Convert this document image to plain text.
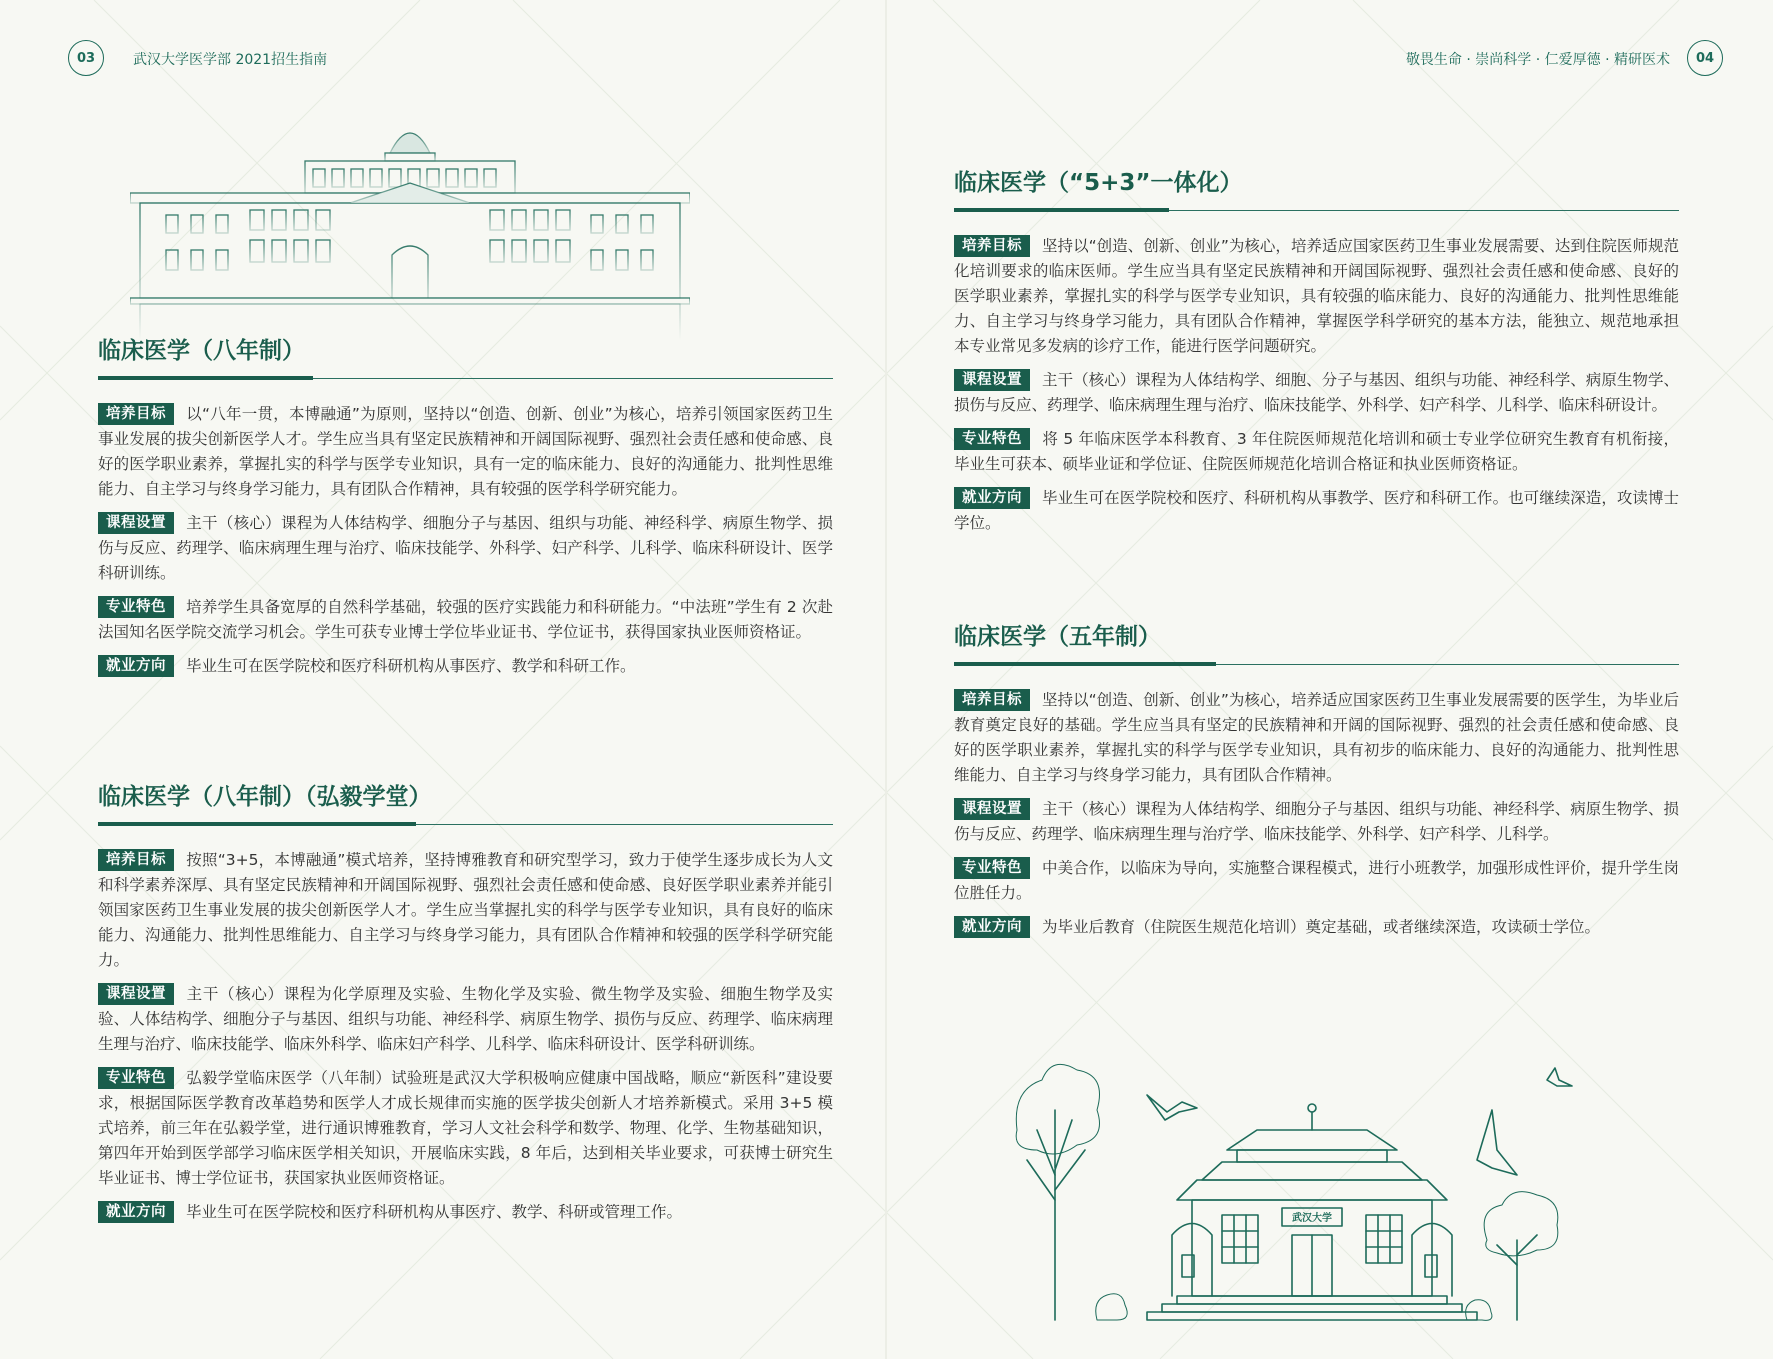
03	武汉大学医学部 2021招生指南
临床医学（八年制）
培养目标 以“八年一贯，本博融通”为原则，坚持以“创造、创新、创业”为核心，培养引领国家医药卫生事业发展的拔尖创新医学人才。学生应当具有坚定民族精神和开阔国际视野、强烈社会责任感和使命感、良好的医学职业素养，掌握扎实的科学与医学专业知识，具有一定的临床能力、良好的沟通能力、批判性思维能力、自主学习与终身学习能力，具有团队合作精神，具有较强的医学科学研究能力。
课程设置 主干（核心）课程为人体结构学、细胞分子与基因、组织与功能、神经科学、病原生物学、损伤与反应、药理学、临床病理生理与治疗、临床技能学、外科学、妇产科学、儿科学、临床科研设计、医学科研训练。
专业特色 培养学生具备宽厚的自然科学基础，较强的医疗实践能力和科研能力。“中法班”学生有 2 次赴法国知名医学院交流学习机会。学生可获专业博士学位毕业证书、学位证书，获得国家执业医师资格证。
就业方向 毕业生可在医学院校和医疗科研机构从事医疗、教学和科研工作。
临床医学（八年制）（弘毅学堂）
培养目标 按照“3+5，本博融通”模式培养，坚持博雅教育和研究型学习，致力于使学生逐步成长为人文和科学素养深厚、具有坚定民族精神和开阔国际视野、强烈社会责任感和使命感、良好医学职业素养并能引领国家医药卫生事业发展的拔尖创新医学人才。学生应当掌握扎实的科学与医学专业知识，具有良好的临床能力、沟通能力、批判性思维能力、自主学习与终身学习能力，具有团队合作精神和较强的医学科学研究能力。
课程设置 主干（核心）课程为化学原理及实验、生物化学及实验、微生物学及实验、细胞生物学及实验、人体结构学、细胞分子与基因、组织与功能、神经科学、病原生物学、损伤与反应、药理学、临床病理生理与治疗、临床技能学、临床外科学、临床妇产科学、儿科学、临床科研设计、医学科研训练。
专业特色 弘毅学堂临床医学（八年制）试验班是武汉大学积极响应健康中国战略，顺应“新医科”建设要求，根据国际医学教育改革趋势和医学人才成长规律而实施的医学拔尖创新人才培养新模式。采用 3+5 模式培养，前三年在弘毅学堂，进行通识博雅教育，学习人文社会科学和数学、物理、化学、生物基础知识，第四年开始到医学部学习临床医学相关知识，开展临床实践，8 年后，达到相关毕业要求，可获博士研究生毕业证书、博士学位证书，获国家执业医师资格证。
就业方向 毕业生可在医学院校和医疗科研机构从事医疗、教学、科研或管理工作。
敬畏生命 · 崇尚科学 · 仁爱厚德 · 精研医术	04
临床医学（“5+3”一体化）
培养目标 坚持以“创造、创新、创业”为核心，培养适应国家医药卫生事业发展需要、达到住院医师规范化培训要求的临床医师。学生应当具有坚定民族精神和开阔国际视野、强烈社会责任感和使命感、良好的医学职业素养，掌握扎实的科学与医学专业知识，具有较强的临床能力、良好的沟通能力、批判性思维能力、自主学习与终身学习能力，具有团队合作精神，掌握医学科学研究的基本方法，能独立、规范地承担本专业常见多发病的诊疗工作，能进行医学问题研究。
课程设置 主干（核心）课程为人体结构学、细胞、分子与基因、组织与功能、神经科学、病原生物学、损伤与反应、药理学、临床病理生理与治疗、临床技能学、外科学、妇产科学、儿科学、临床科研设计。
专业特色 将 5 年临床医学本科教育、3 年住院医师规范化培训和硕士专业学位研究生教育有机衔接，毕业生可获本、硕毕业证和学位证、住院医师规范化培训合格证和执业医师资格证。
就业方向 毕业生可在医学院校和医疗、科研机构从事教学、医疗和科研工作。也可继续深造，攻读博士学位。
临床医学（五年制）
培养目标 坚持以“创造、创新、创业”为核心，培养适应国家医药卫生事业发展需要的医学生，为毕业后教育奠定良好的基础。学生应当具有坚定的民族精神和开阔的国际视野、强烈的社会责任感和使命感、良好的医学职业素养，掌握扎实的科学与医学专业知识，具有初步的临床能力、良好的沟通能力、批判性思维能力、自主学习与终身学习能力，具有团队合作精神。
课程设置 主干（核心）课程为人体结构学、细胞分子与基因、组织与功能、神经科学、病原生物学、损伤与反应、药理学、临床病理生理与治疗学、临床技能学、外科学、妇产科学、儿科学。
专业特色 中美合作，以临床为导向，实施整合课程模式，进行小班教学，加强形成性评价，提升学生岗位胜任力。
就业方向 为毕业后教育（住院医生规范化培训）奠定基础，或者继续深造，攻读硕士学位。
武汉大学
